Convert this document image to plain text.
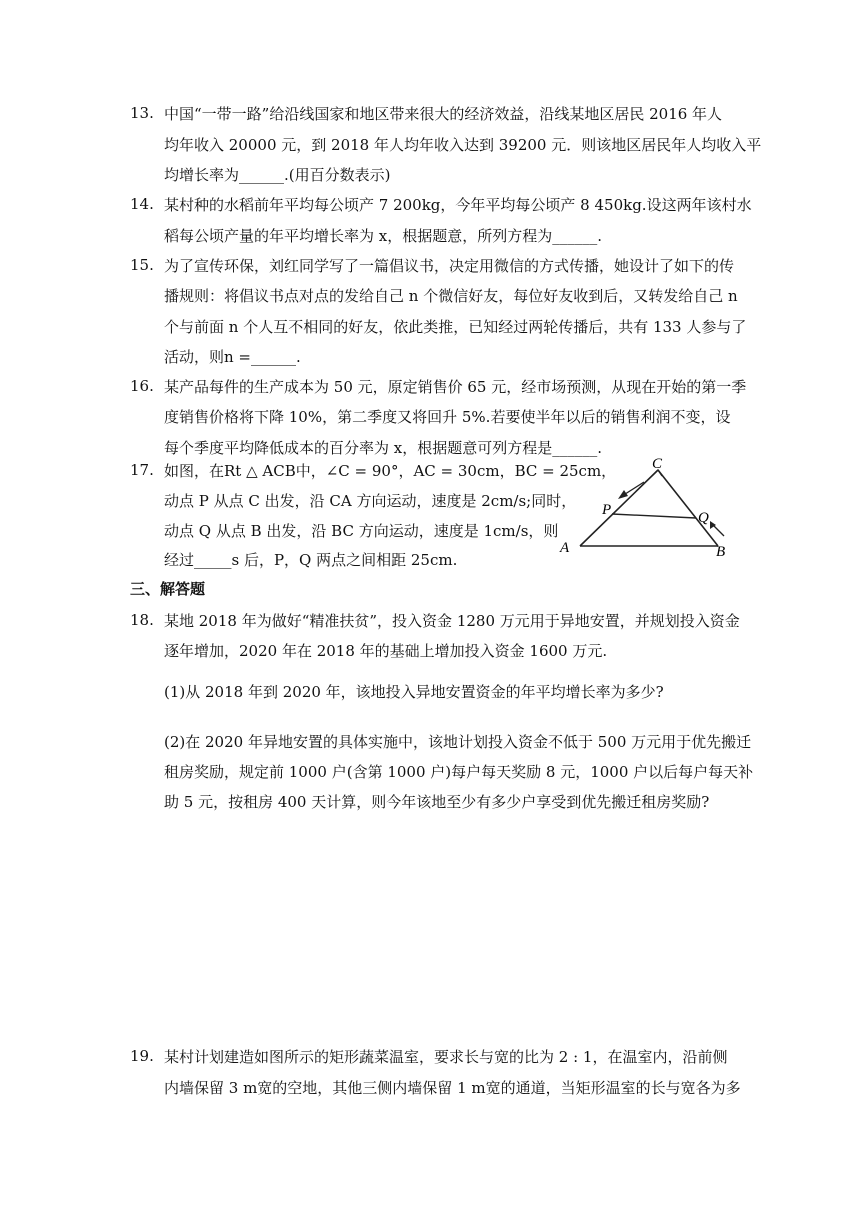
13. 中国“一带一路”给沿线国家和地区带来很大的经济效益，沿线某地区居民 2016 年人
均年收入 20000 元，到 2018 年人均年收入达到 39200 元．则该地区居民年人均收入平
均增长率为______.(用百分数表示)
14. 某村种的水稻前年平均每公顷产 7 200kg，今年平均每公顷产 8 450kg.设这两年该村水
稻每公顷产量的年平均增长率为 x，根据题意，所列方程为______.
15. 为了宣传环保，刘红同学写了一篇倡议书，决定用微信的方式传播，她设计了如下的传
播规则：将倡议书点对点的发给自己 n 个微信好友，每位好友收到后，又转发给自己 n
个与前面 n 个人互不相同的好友，依此类推，已知经过两轮传播后，共有 133 人参与了
活动，则n =______.
16. 某产品每件的生产成本为 50 元，原定销售价 65 元，经市场预测，从现在开始的第一季
度销售价格将下降 10%，第二季度又将回升 5%.若要使半年以后的销售利润不变，设
每个季度平均降低成本的百分率为 x，根据题意可列方程是______.
17. 如图，在Rt △ ACB中，∠C = 90°，AC = 30cm，BC = 25cm，
动点 P 从点 C 出发，沿 CA 方向运动，速度是 2cm/s;同时，
动点 Q 从点 B 出发，沿 BC 方向运动，速度是 1cm/s，则
经过_____s 后，P，Q 两点之间相距 25cm.
C
P	Q
A	B
三、解答题
18. 某地 2018 年为做好“精准扶贫”，投入资金 1280 万元用于异地安置，并规划投入资金
逐年增加，2020 年在 2018 年的基础上增加投入资金 1600 万元.
(1)从 2018 年到 2020 年，该地投入异地安置资金的年平均增长率为多少?
(2)在 2020 年异地安置的具体实施中，该地计划投入资金不低于 500 万元用于优先搬迁
租房奖励，规定前 1000 户(含第 1000 户)每户每天奖励 8 元，1000 户以后每户每天补
助 5 元，按租房 400 天计算，则今年该地至少有多少户享受到优先搬迁租房奖励?
19. 某村计划建造如图所示的矩形蔬菜温室，要求长与宽的比为 2 : 1，在温室内，沿前侧
内墙保留 3 m宽的空地，其他三侧内墙保留 1 m宽的通道，当矩形温室的长与宽各为多
